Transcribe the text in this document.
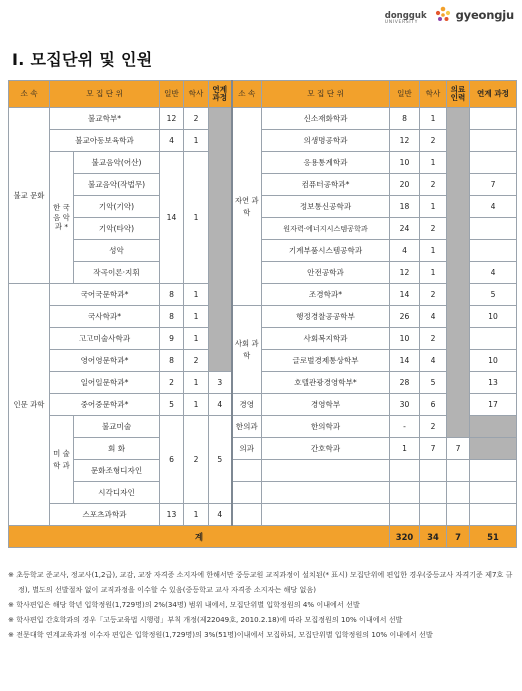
dongguk
UNIVERSITY
gyeongju
Ⅰ. 모집단위 및 인원
소 속	모 집 단 위		일반	학사	연계 과정	소 속	모 집 단 위	일반	학사	의료 인력	연계 과정
불교 문화	불교학부*		12	2		자연 과학	신소재화학과	8	1		
	불교아동보육학과		4	1			의생명공학과	12	2		
	한 국 음 악 과 *	불교음악(어산)	14	1			응용통계학과	10	1		
		불교음악(작법무)					컴퓨터공학과*	20	2		7
		기악(기악)					정보통신공학과	18	1		4
		기악(타악)					원자력·에너지시스템공학과	24	2		
		성악					기계부품시스템공학과	4	1		
		작곡이론·지휘					안전공학과	12	1		4
인문 과학	국어국문학과*		8	1			조경학과*	14	2		5
	국사학과*		8	1		사회 과학	행정경찰공공학부	26	4		10
	고고미술사학과		9	1			사회복지학과	10	2		
	영어영문학과*		8	2			글로벌경제통상학부	14	4		10
	일어일문학과*		2	1	3		호텔관광경영학부*	28	5		13
	중어중문학과*		5	1	4	경영	경영학부	30	6		17
	미 술 학 과	불교미술	6	2	5	한의과	한의학과	-	2		
		회 화				의과	간호학과	1	7	7	
		문화조형디자인									
		시각디자인									
	스포츠과학과		13	1	4						
계								320	34	7	51

※ 초등학교 준교사, 정교사(1,2급), 교감, 교장 자격증 소지자에 한해서만 중등교원 교직과정이 설치된(* 표시) 모집단위에 편입한 경우(중등교사 자격기준 제7호 규정), 별도의 선발절차 없이 교직과정을 이수할 수 있음(중등학교 교사 자격증 소지자는 해당 없음)

※ 학사편입은 해당 학년 입학정원(1,729명)의 2%(34명) 범위 내에서, 모집단위별 입학정원의 4% 이내에서 선발

※ 학사편입 간호학과의 경우「고등교육법 시행령」부칙 개정(제22049호, 2010.2.18)에 따라 모집정원의 10% 이내에서 선발

※ 전문대학 연계교육과정 이수자 편입은 입학정원(1,729명)의 3%(51명)이내에서 모집하되, 모집단위별 입학정원의 10% 이내에서 선발
